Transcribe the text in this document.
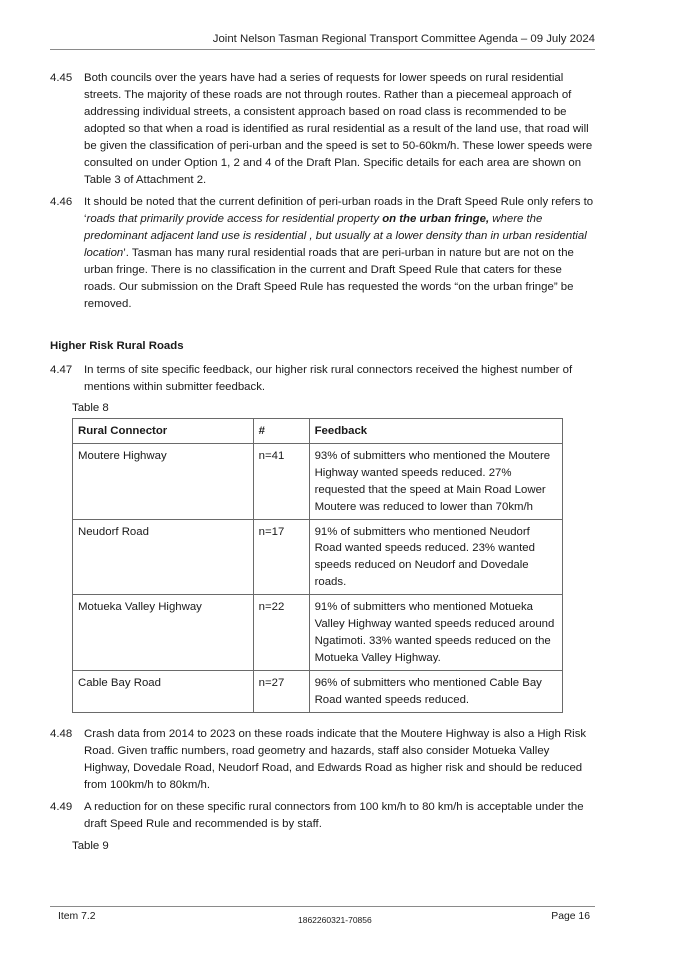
Joint Nelson Tasman Regional Transport Committee Agenda – 09 July 2024
4.45	Both councils over the years have had a series of requests for lower speeds on rural residential streets. The majority of these roads are not through routes. Rather than a piecemeal approach of addressing individual streets, a consistent approach based on road class is recommended to be adopted so that when a road is identified as rural residential as a result of the land use, that road will be given the classification of peri-urban and the speed is set to 50-60km/h. These lower speeds were consulted on under Option 1, 2 and 4 of the Draft Plan. Specific details for each area are shown on Table 3 of Attachment 2.
4.46	It should be noted that the current definition of peri-urban roads in the Draft Speed Rule only refers to ‘roads that primarily provide access for residential property on the urban fringe, where the predominant adjacent land use is residential , but usually at a lower density than in urban residential location’. Tasman has many rural residential roads that are peri-urban in nature but are not on the urban fringe. There is no classification in the current and Draft Speed Rule that caters for these roads. Our submission on the Draft Speed Rule has requested the words “on the urban fringe” be removed.
Higher Risk Rural Roads
4.47	In terms of site specific feedback, our higher risk rural connectors received the highest number of mentions within submitter feedback.
Table 8
Rural Connector	#	Feedback
Moutere Highway	n=41	93% of submitters who mentioned the Moutere Highway wanted speeds reduced. 27% requested that the speed at Main Road Lower Moutere was reduced to lower than 70km/h
Neudorf Road	n=17	91% of submitters who mentioned Neudorf Road wanted speeds reduced. 23% wanted speeds reduced on Neudorf and Dovedale roads.
Motueka Valley Highway	n=22	91% of submitters who mentioned Motueka Valley Highway wanted speeds reduced around Ngatimoti. 33% wanted speeds reduced on the Motueka Valley Highway.
Cable Bay Road	n=27	96% of submitters who mentioned Cable Bay Road wanted speeds reduced.
4.48	Crash data from 2014 to 2023 on these roads indicate that the Moutere Highway is also a High Risk Road. Given traffic numbers, road geometry and hazards, staff also consider Motueka Valley Highway, Dovedale Road, Neudorf Road, and Edwards Road as higher risk and should be reduced from 100km/h to 80km/h.
4.49	A reduction for on these specific rural connectors from 100 km/h to 80 km/h is acceptable under the draft Speed Rule and recommended is by staff.
Table 9
Item 7.2	1862260321-70856	Page 16
